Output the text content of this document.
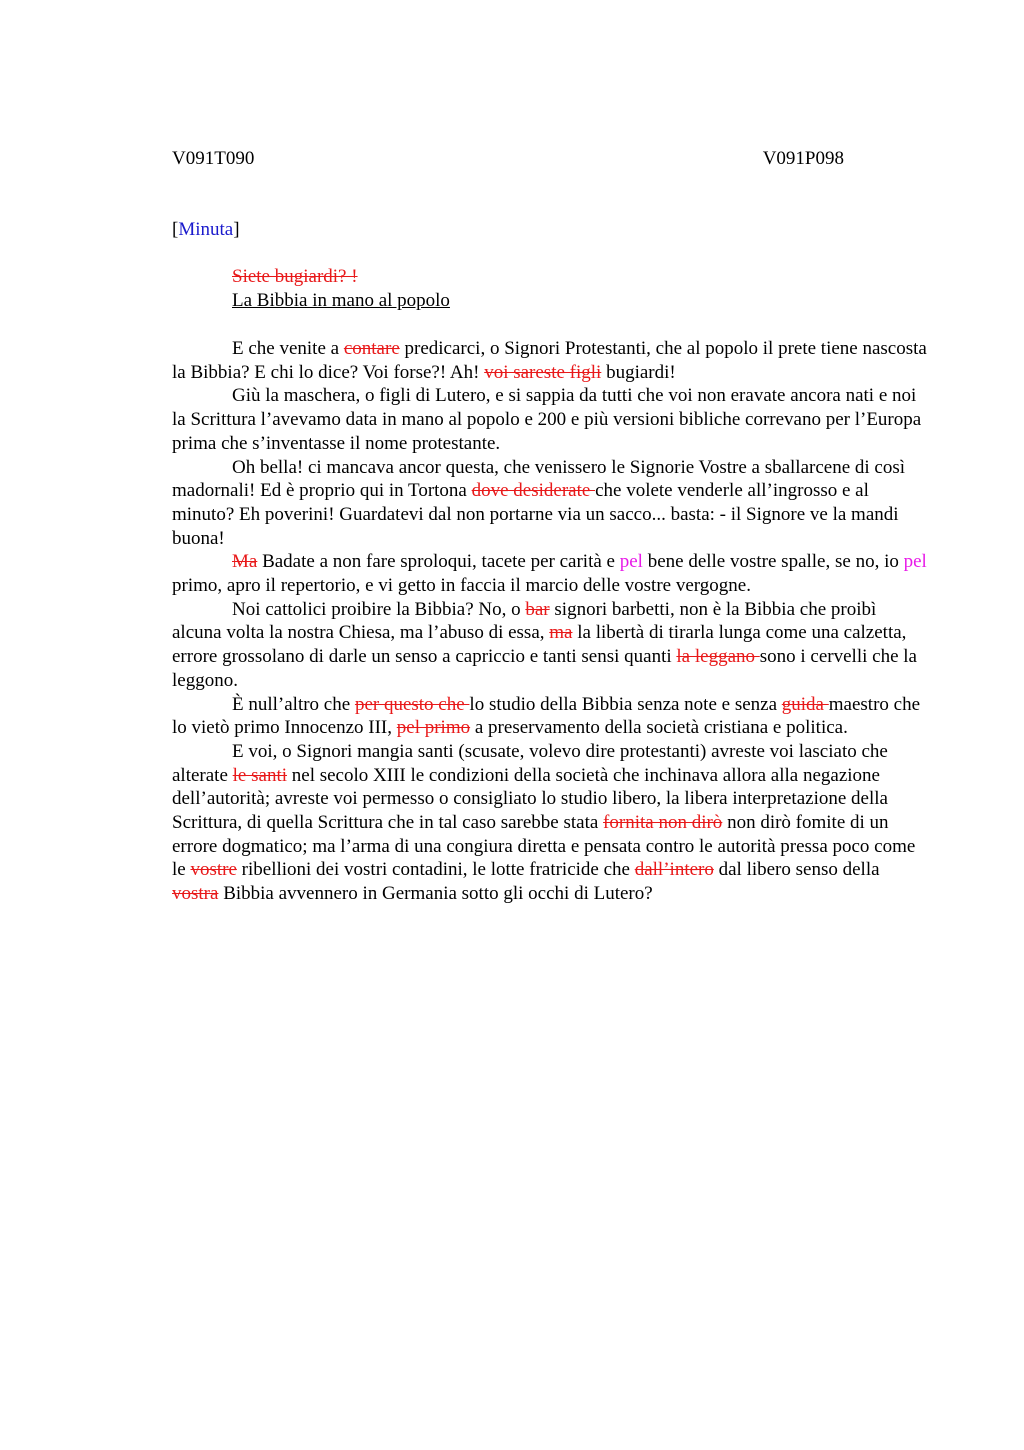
V091T090	V091P098
[Minuta]
Siete bugiardi? !
La Bibbia in mano al popolo

E che venite a contare predicarci, o Signori Protestanti, che al popolo il prete tiene nascosta la Bibbia? E chi lo dice? Voi forse?! Ah! voi sareste figli bugiardi!

Giù la maschera, o figli di Lutero, e si sappia da tutti che voi non eravate ancora nati e noi la Scrittura l’avevamo data in mano al popolo e 200 e più versioni bibliche correvano per l’Europa prima che s’inventasse il nome protestante.

Oh bella! ci mancava ancor questa, che venissero le Signorie Vostre a sballarcene di così madornali! Ed è proprio qui in Tortona dove desiderate che volete venderle all’ingrosso e al minuto? Eh poverini! Guardatevi dal non portarne via un sacco... basta: - il Signore ve la mandi buona!

Ma Badate a non fare sproloqui, tacete per carità e pel bene delle vostre spalle, se no, io pel primo, apro il repertorio, e vi getto in faccia il marcio delle vostre vergogne.

Noi cattolici proibire la Bibbia? No, o bar signori barbetti, non è la Bibbia che proibì alcuna volta la nostra Chiesa, ma l’abuso di essa, ma la libertà di tirarla lunga come una calzetta, errore grossolano di darle un senso a capriccio e tanti sensi quanti la leggano sono i cervelli che la leggono.

È null’altro che per questo che lo studio della Bibbia senza note e senza guida maestro che lo vietò primo Innocenzo III, pel primo a preservamento della società cristiana e politica.

E voi, o Signori mangia santi (scusate, volevo dire protestanti) avreste voi lasciato che alterate le santi nel secolo XIII le condizioni della società che inchinava allora alla negazione dell’autorità; avreste voi permesso o consigliato lo studio libero, la libera interpretazione della Scrittura, di quella Scrittura che in tal caso sarebbe stata fornita non dirò non dirò fomite di un errore dogmatico; ma l’arma di una congiura diretta e pensata contro le autorità pressa poco come le vostre ribellioni dei vostri contadini, le lotte fratricide che dall’intero dal libero senso della vostra Bibbia avvennero in Germania sotto gli occhi di Lutero?
